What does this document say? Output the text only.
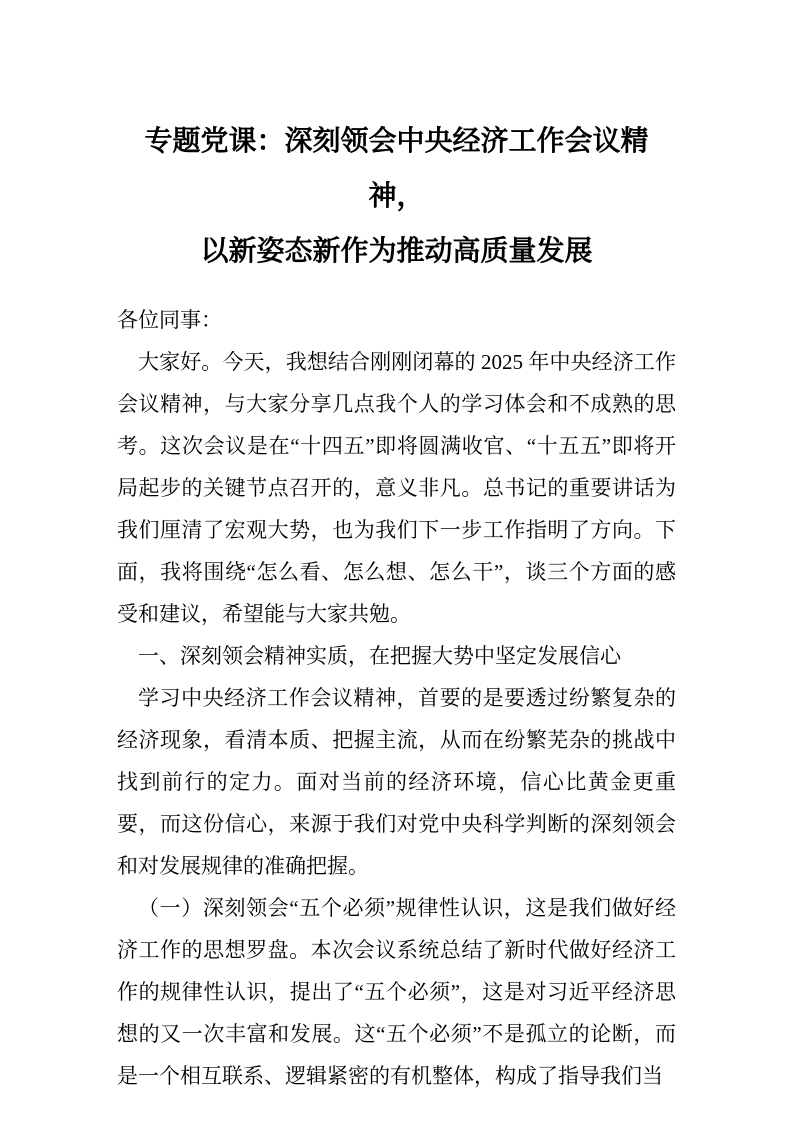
专题党课：深刻领会中央经济工作会议精神，
以新姿态新作为推动高质量发展

各位同事：

大家好。今天，我想结合刚刚闭幕的 2025 年中央经济工作会议精神，与大家分享几点我个人的学习体会和不成熟的思考。这次会议是在“十四五”即将圆满收官、“十五五”即将开局起步的关键节点召开的，意义非凡。总书记的重要讲话为我们厘清了宏观大势，也为我们下一步工作指明了方向。下面，我将围绕“怎么看、怎么想、怎么干”，谈三个方面的感受和建议，希望能与大家共勉。

一、深刻领会精神实质，在把握大势中坚定发展信心

学习中央经济工作会议精神，首要的是要透过纷繁复杂的经济现象，看清本质、把握主流，从而在纷繁芜杂的挑战中找到前行的定力。面对当前的经济环境，信心比黄金更重要，而这份信心，来源于我们对党中央科学判断的深刻领会和对发展规律的准确把握。

（一）深刻领会“五个必须”规律性认识，这是我们做好经济工作的思想罗盘。本次会议系统总结了新时代做好经济工作的规律性认识，提出了“五个必须”，这是对习近平经济思想的又一次丰富和发展。这“五个必须”不是孤立的论断，而是一个相互联系、逻辑紧密的有机整体，构成了指导我们当
